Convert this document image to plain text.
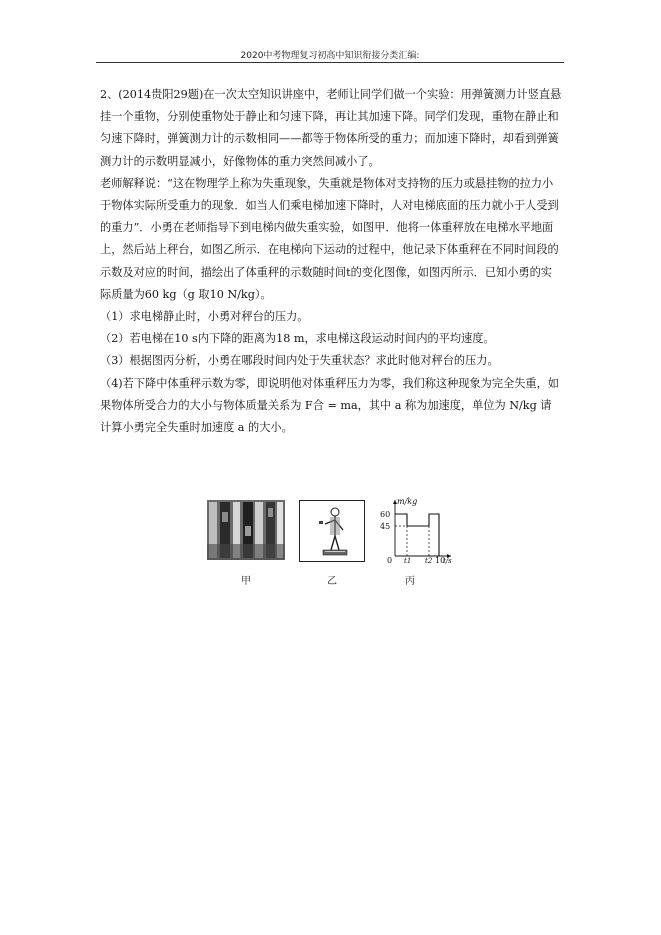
2020中考物理复习初高中知识衔接分类汇编:

2、(2014贵阳29题)在一次太空知识讲座中，老师让同学们做一个实验：用弹簧测力计竖直悬挂一个重物，分别使重物处于静止和匀速下降，再让其加速下降。同学们发现，重物在静止和匀速下降时，弹簧测力计的示数相同——都等于物体所受的重力；而加速下降时，却看到弹簧测力计的示数明显减小，好像物体的重力突然间减小了。

老师解释说：“这在物理学上称为失重现象，失重就是物体对支持物的压力或悬挂物的拉力小于物体实际所受重力的现象．如当人们乘电梯加速下降时，人对电梯底面的压力就小于人受到的重力”．小勇在老师指导下到电梯内做失重实验，如图甲．他将一体重秤放在电梯水平地面上，然后站上秤台，如图乙所示．在电梯向下运动的过程中，他记录下体重秤在不同时间段的示数及对应的时间，描绘出了体重秤的示数随时间t的变化图像，如图丙所示．已知小勇的实际质量为60 kg（g 取10 N/kg）。

（1）求电梯静止时，小勇对秤台的压力。

（2）若电梯在10 s内下降的距离为18 m，求电梯这段运动时间内的平均速度。

（3）根据图丙分析，小勇在哪段时间内处于失重状态？求此时他对秤台的压力。

（4)若下降中体重秤示数为零，即说明他对体重秤压力为零，我们称这种现象为完全失重，如果物体所受合力的大小与物体质量关系为 F合 = ma，其中 a 称为加速度，单位为 N/kg 请计算小勇完全失重时加速度 a 的大小。

m/kg
60
45
0 t1 t2 10
t/s
甲	乙	丙
